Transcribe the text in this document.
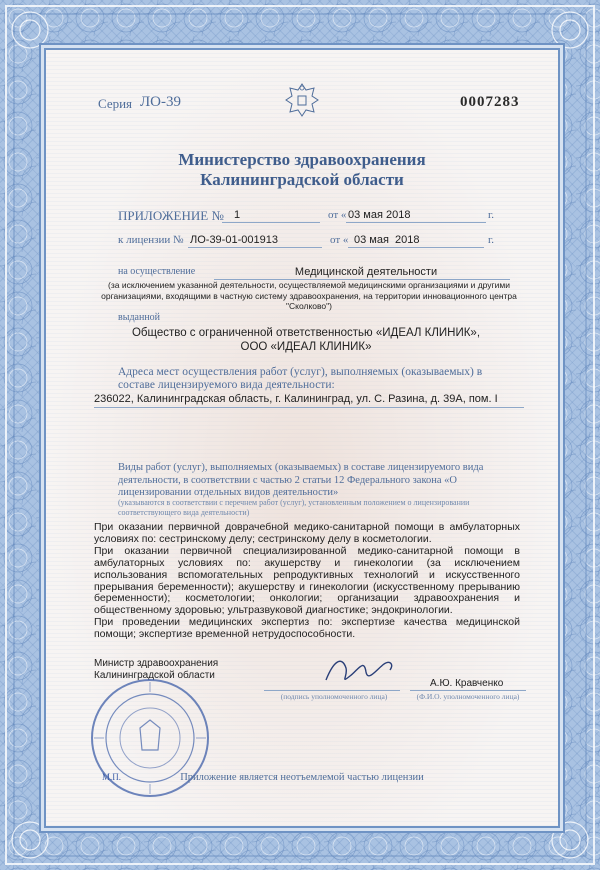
Серия ЛО-39	0007283
Министерство здравоохранения
Калининградской области
ПРИЛОЖЕНИЕ № 1	от « 03 мая 2018	г.
к лицензии № ЛО-39-01-001913	от « 03 мая  2018	г.
на осуществление	Медицинской деятельности
(за исключением указанной деятельности, осуществляемой медицинскими организациями и другими организациями, входящими в частную систему здравоохранения, на территории инновационного центра "Сколково")
выданной
Общество с ограниченной ответственностью «ИДЕАЛ КЛИНИК»,
ООО «ИДЕАЛ КЛИНИК»
Адреса мест осуществления работ (услуг), выполняемых (оказываемых) в составе лицензируемого вида деятельности:
236022, Калининградская область, г. Калининград, ул. С. Разина, д. 39А, пом. I
Виды работ (услуг), выполняемых (оказываемых) в составе лицензируемого вида деятельности, в соответствии с частью 2 статьи 12 Федерального закона «О лицензировании отдельных видов деятельности»
(указываются в соответствии с перечнем работ (услуг), установленным положением о лицензировании соответствующего вида деятельности)
При оказании первичной доврачебной медико-санитарной помощи в амбулаторных условиях по: сестринскому делу; сестринскому делу в косметологии.
При оказании первичной специализированной медико-санитарной помощи в амбулаторных условиях по: акушерству и гинекологии (за исключением использования вспомогательных репродуктивных технологий и искусственного прерывания беременности); акушерству и гинекологии (искусственному прерыванию беременности); косметологии; онкологии; организации здравоохранения и общественному здоровью; ультразвуковой диагностике; эндокринологии.
При проведении медицинских экспертиз по: экспертизе качества медицинской помощи; экспертизе временной нетрудоспособности.
Министр здравоохранения
Калининградской области
(подпись уполномоченного лица)
А.Ю. Кравченко
(Ф.И.О. уполномоченного лица)
М.П.	Приложение является неотъемлемой частью лицензии
